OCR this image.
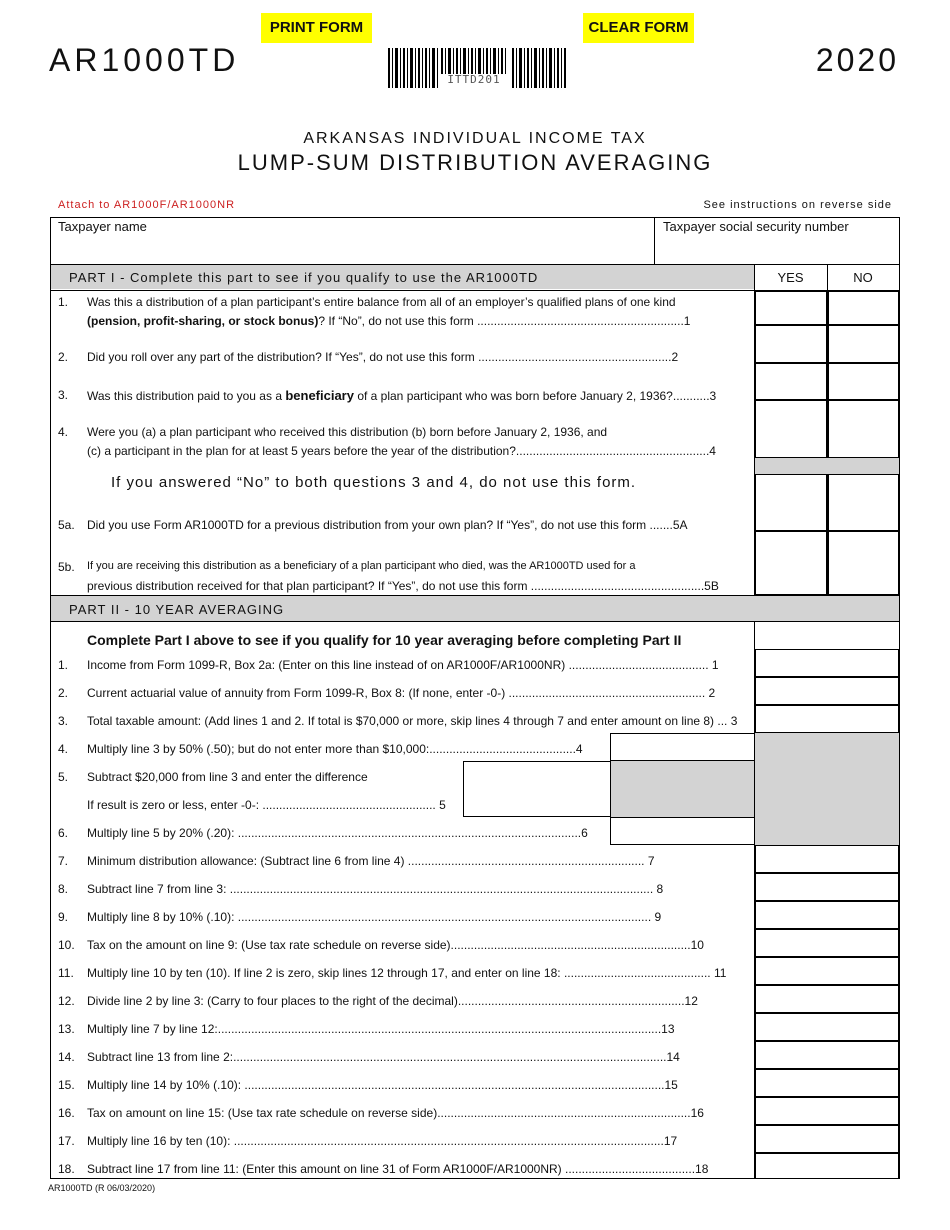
PRINT FORM	CLEAR FORM
AR1000TD	2020
ITTD201
ARKANSAS INDIVIDUAL INCOME TAX
LUMP-SUM DISTRIBUTION AVERAGING
Attach to AR1000F/AR1000NR	See instructions on reverse side
Taxpayer name	Taxpayer social security number
PART I - Complete this part to see if you qualify to use the AR1000TD	YES	NO
1. Was this a distribution of a plan participant’s entire balance from all of an employer’s qualified plans of one kind
(pension, profit-sharing, or stock bonus)? If “No”, do not use this form ..............................................................1
2. Did you roll over any part of the distribution? If “Yes”, do not use this form ..........................................................2
3. Was this distribution paid to you as a beneficiary of a plan participant who was born before January 2, 1936?...........3
4. Were you (a) a plan participant who received this distribution (b) born before January 2, 1936, and
(c) a participant in the plan for at least 5 years before the year of the distribution?..........................................................4
If you answered “No” to both questions 3 and 4, do not use this form.
5a. Did you use Form AR1000TD for a previous distribution from your own plan? If “Yes”, do not use this form .......5A
5b. If you are receiving this distribution as a beneficiary of a plan participant who died, was the AR1000TD used for a
previous distribution received for that plan participant? If “Yes”, do not use this form ....................................................5B
PART II - 10 YEAR AVERAGING
Complete Part I above to see if you qualify for 10 year averaging before completing Part II
1. Income from Form 1099-R, Box 2a: (Enter on this line instead of on AR1000F/AR1000NR) .......................................... 1
2. Current actuarial value of annuity from Form 1099-R, Box 8: (If none, enter -0-) ........................................................... 2
3. Total taxable amount: (Add lines 1 and 2. If total is $70,000 or more, skip lines 4 through 7 and enter amount on line 8) ... 3
4. Multiply line 3 by 50% (.50); but do not enter more than $10,000:............................................4
5. Subtract $20,000 from line 3 and enter the difference
If result is zero or less, enter -0-: .................................................... 5
6. Multiply line 5 by 20% (.20): .......................................................................................................6
7. Minimum distribution allowance: (Subtract line 6 from line 4) ....................................................................... 7
8. Subtract line 7 from line 3: ............................................................................................................................... 8
9. Multiply line 8 by 10% (.10): ............................................................................................................................ 9
10. Tax on the amount on line 9: (Use tax rate schedule on reverse side)........................................................................10
11. Multiply line 10 by ten (10). If line 2 is zero, skip lines 12 through 17, and enter on line 18: ............................................ 11
12. Divide line 2 by line 3: (Carry to four places to the right of the decimal)....................................................................12
13. Multiply line 7 by line 12:.....................................................................................................................................13
14. Subtract line 13 from line 2:..................................................................................................................................14
15. Multiply line 14 by 10% (.10): ..............................................................................................................................15
16. Tax on amount on line 15: (Use tax rate schedule on reverse side)............................................................................16
17. Multiply line 16 by ten (10): .................................................................................................................................17
18. Subtract line 17 from line 11: (Enter this amount on line 31 of Form AR1000F/AR1000NR) .......................................18
AR1000TD (R 06/03/2020)
